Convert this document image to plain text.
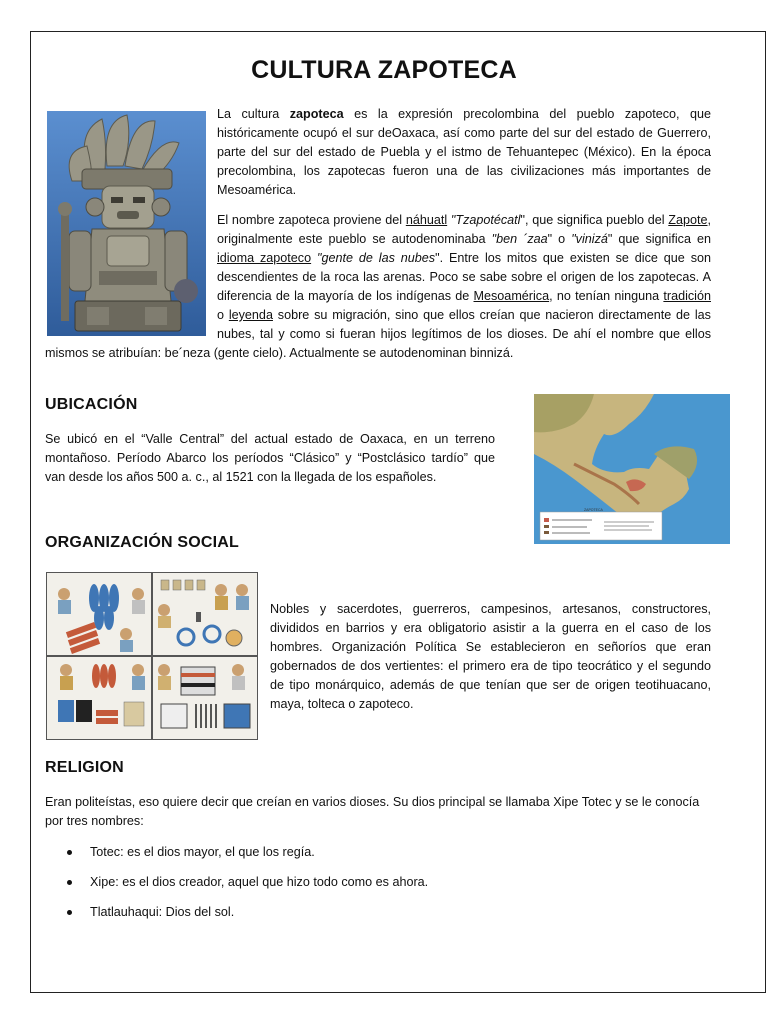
CULTURA ZAPOTECA
La cultura zapoteca es la expresión precolombina del pueblo zapoteco, que históricamente ocupó el sur deOaxaca, así como parte del sur del estado de Guerrero, parte del sur del estado de Puebla y el istmo de Tehuantepec (México). En la época precolombina, los zapotecas fueron una de las civilizaciones más importantes de Mesoamérica.
El nombre zapoteca proviene del náhuatl "Tzapotécatl", que significa pueblo del Zapote, originalmente este pueblo se autodenominaba "ben ´zaa" o "vinizá" que significa en idioma zapoteco "gente de las nubes". Entre los mitos que existen se dice que son descendientes de la roca las arenas. Poco se sabe sobre el origen de los zapotecas. A diferencia de la mayoría de los indígenas de Mesoamérica, no tenían ninguna tradición o leyenda sobre su migración, sino que ellos creían que nacieron directamente de las nubes, tal y como si fueran hijos legítimos de los dioses. De ahí el nombre que ellos mismos se atribuían: be´neza (gente cielo). Actualmente se autodenominan binnizá.
UBICACIÓN
Se ubicó en el “Valle Central” del actual estado de Oaxaca, en un terreno montañoso. Período Abarco los períodos “Clásico” y “Postclásico tardío” que van desde los años 500 a. c., al 1521 con la llegada de los españoles.
ZAPOTECA
ORGANIZACIÓN SOCIAL
Nobles y sacerdotes, guerreros, campesinos, artesanos, constructores, divididos en barrios y era obligatorio asistir a la guerra en el caso de los hombres. Organización Política Se establecieron en señoríos que eran gobernados de dos vertientes: el primero era de tipo teocrático y el segundo de tipo monárquico, además de que tenían que ser de origen teotihuacano, maya, tolteca o zapoteco.
RELIGION
Eran politeístas, eso quiere decir que creían en varios dioses. Su dios principal se llamaba Xipe Totec y se le conocía por tres nombres:
Totec: es el dios mayor, el que los regía.
Xipe: es el dios creador, aquel que hizo todo como es ahora.
Tlatlauhaqui: Dios del sol.
